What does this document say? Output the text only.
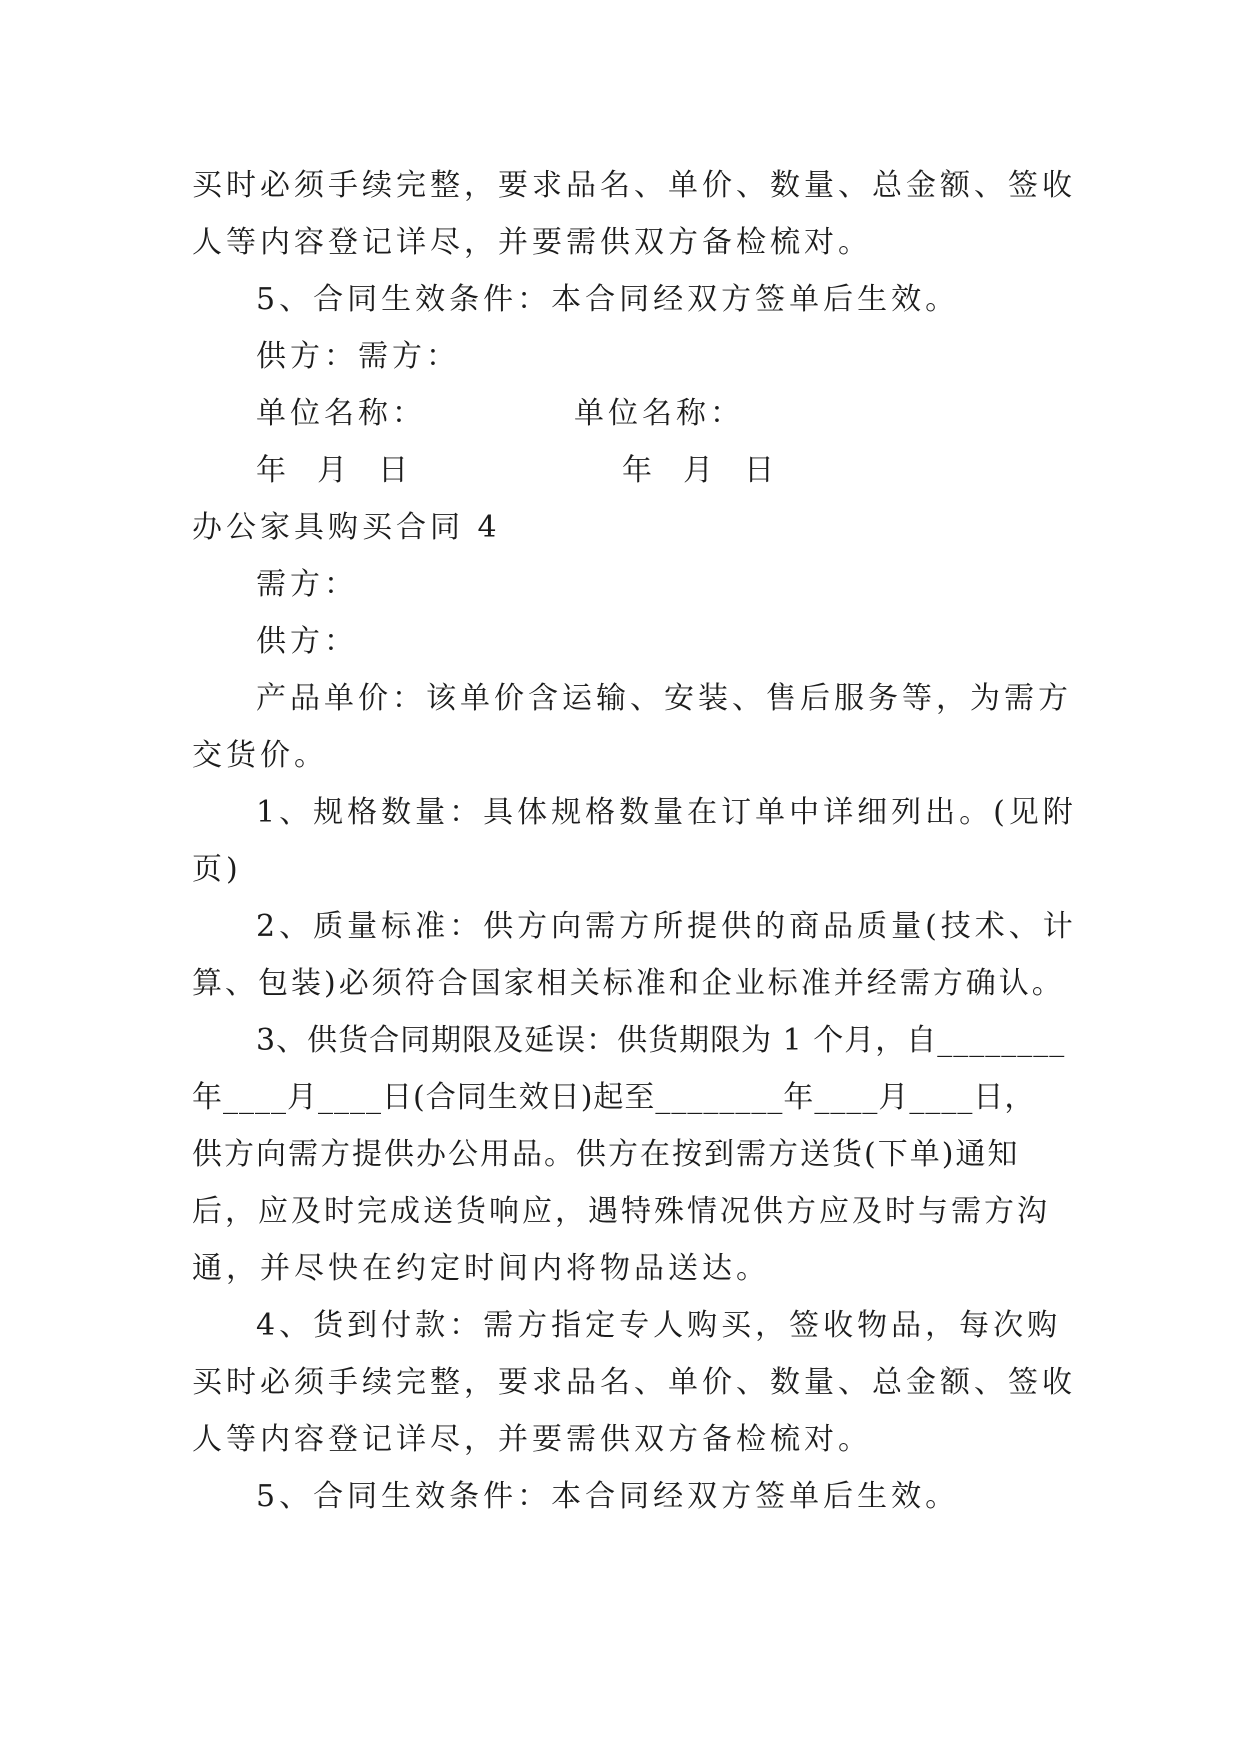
买时必须手续完整，要求品名、单价、数量、总金额、签收
人等内容登记详尽，并要需供双方备检梳对。
5、合同生效条件：本合同经双方签单后生效。
供方：需方：
单位名称：	单位名称：
年  月  日	年  月  日
办公家具购买合同 4
需方：
供方：
产品单价：该单价含运输、安装、售后服务等，为需方
交货价。
1、规格数量：具体规格数量在订单中详细列出。(见附
页)
2、质量标准：供方向需方所提供的商品质量(技术、计
算、包装)必须符合国家相关标准和企业标准并经需方确认。
3、供货合同期限及延误：供货期限为 1 个月，自________
年____月____日(合同生效日)起至________年____月____日，
供方向需方提供办公用品。供方在按到需方送货(下单)通知
后，应及时完成送货响应，遇特殊情况供方应及时与需方沟
通，并尽快在约定时间内将物品送达。
4、货到付款：需方指定专人购买，签收物品，每次购
买时必须手续完整，要求品名、单价、数量、总金额、签收
人等内容登记详尽，并要需供双方备检梳对。
5、合同生效条件：本合同经双方签单后生效。
